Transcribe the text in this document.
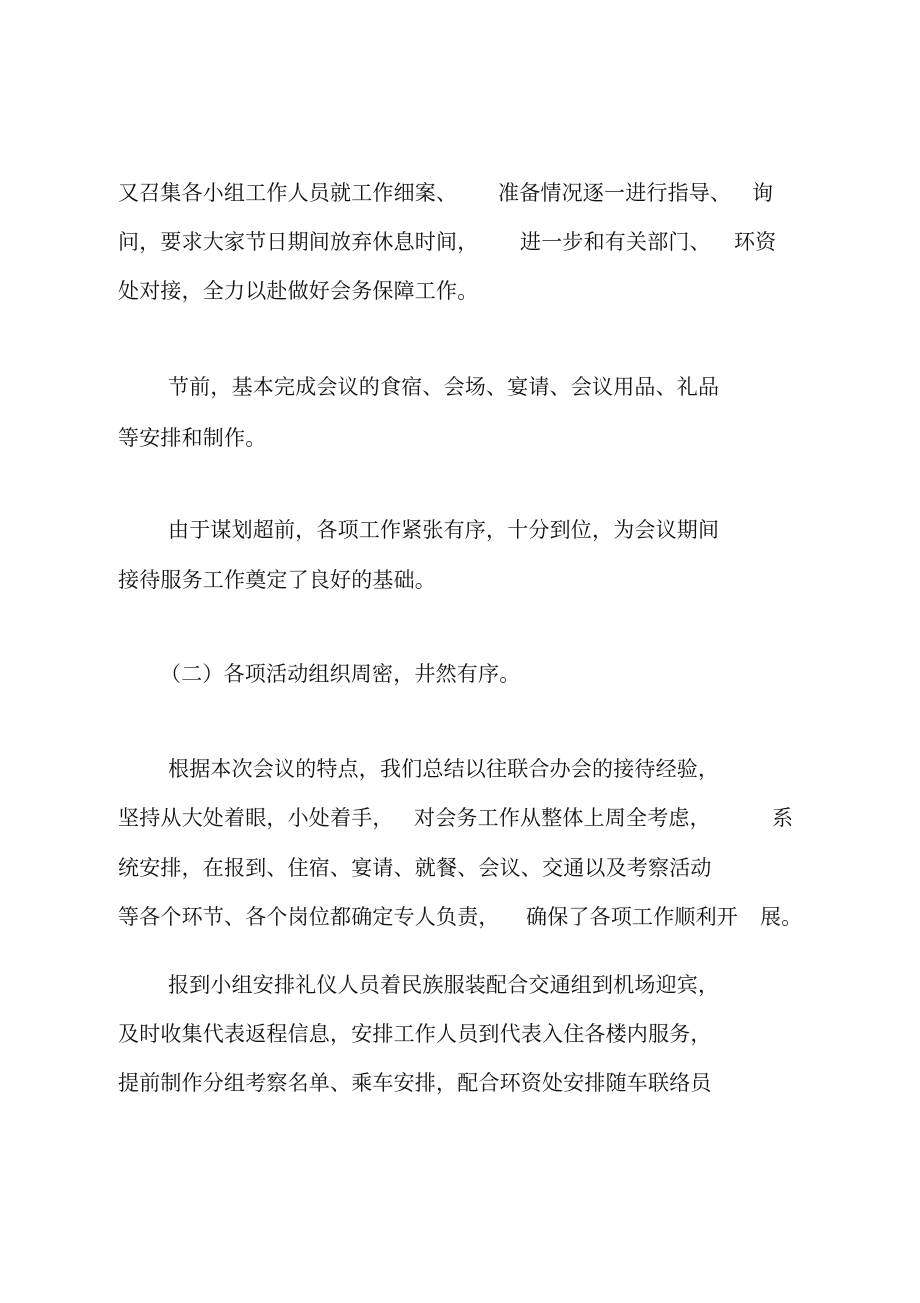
又召集各小组工作人员就工作细案、 准备情况逐一进行指导、 询
问，要求大家节日期间放弃休息时间， 进一步和有关部门、 环资
处对接，全力以赴做好会务保障工作。
节前，基本完成会议的食宿、会场、宴请、会议用品、礼品
等安排和制作。
由于谋划超前，各项工作紧张有序，十分到位，为会议期间
接待服务工作奠定了良好的基础。
（二）各项活动组织周密，井然有序。
根据本次会议的特点，我们总结以往联合办会的接待经验，
坚持从大处着眼，小处着手， 对会务工作从整体上周全考虑，	系
统安排，在报到、住宿、宴请、就餐、会议、交通以及考察活动
等各个环节、各个岗位都确定专人负责， 确保了各项工作顺利开 展。
报到小组安排礼仪人员着民族服装配合交通组到机场迎宾，
及时收集代表返程信息，安排工作人员到代表入住各楼内服务，
提前制作分组考察名单、乘车安排，配合环资处安排随车联络员
